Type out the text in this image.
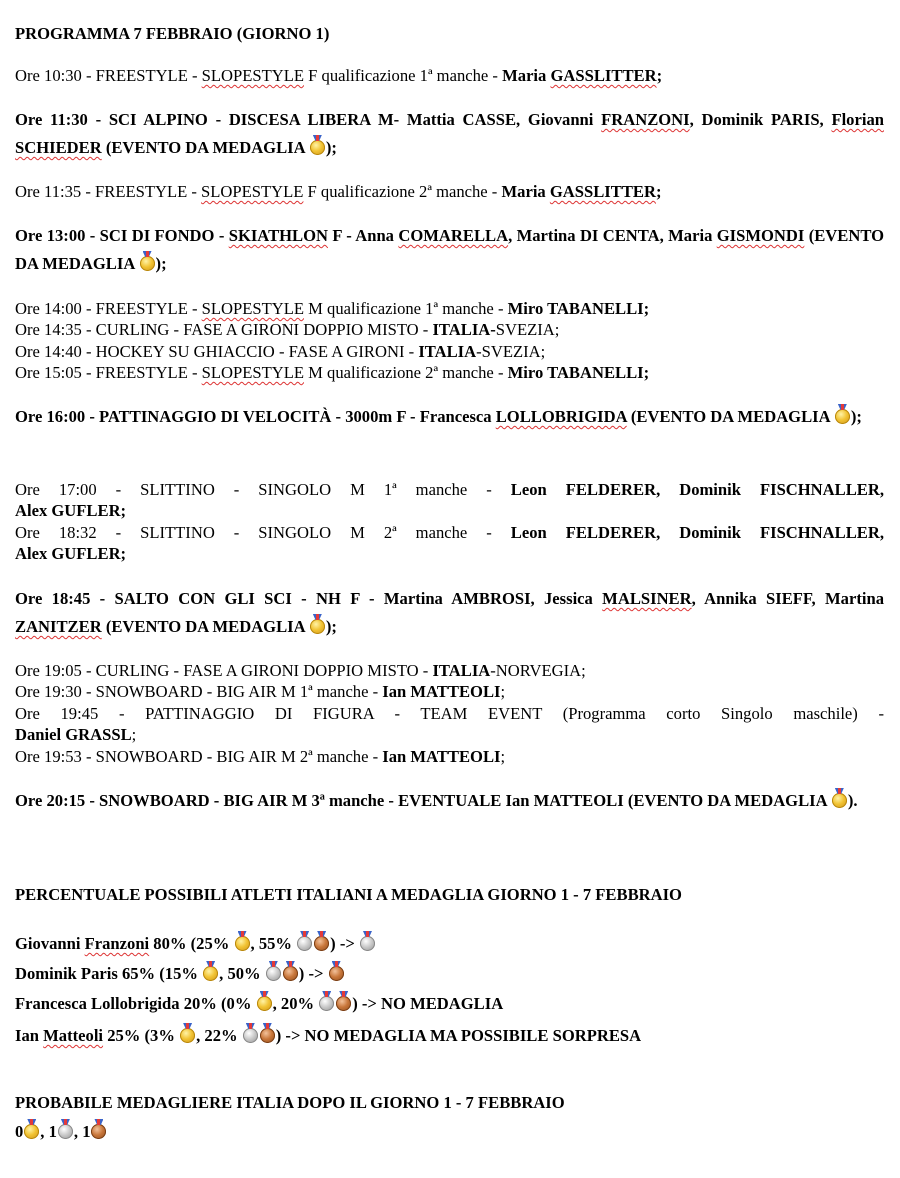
PROGRAMMA 7 FEBBRAIO (GIORNO 1)
Ore 10:30 - FREESTYLE - SLOPESTYLE F qualificazione 1ª manche - Maria GASSLITTER;
Ore 11:30 - SCI ALPINO - DISCESA LIBERA M- Mattia CASSE, Giovanni FRANZONI, Dominik PARIS, Florian SCHIEDER (EVENTO DA MEDAGLIA );
Ore 11:35 - FREESTYLE - SLOPESTYLE F qualificazione 2ª manche - Maria GASSLITTER;
Ore 13:00 - SCI DI FONDO - SKIATHLON F - Anna COMARELLA, Martina DI CENTA, Maria GISMONDI (EVENTO DA MEDAGLIA );
Ore 14:00 - FREESTYLE - SLOPESTYLE M qualificazione 1ª manche - Miro TABANELLI;
Ore 14:35 - CURLING - FASE A GIRONI DOPPIO MISTO - ITALIA-SVEZIA;
Ore 14:40 - HOCKEY SU GHIACCIO - FASE A GIRONI - ITALIA-SVEZIA;
Ore 15:05 - FREESTYLE - SLOPESTYLE M qualificazione 2ª manche - Miro TABANELLI;
Ore 16:00 - PATTINAGGIO DI VELOCITÀ - 3000m F - Francesca LOLLOBRIGIDA (EVENTO DA MEDAGLIA );
Ore 17:00 - SLITTINO - SINGOLO M 1ª manche - Leon FELDERER, Dominik FISCHNALLER,
Alex GUFLER;
Ore 18:32 - SLITTINO - SINGOLO M 2ª manche - Leon FELDERER, Dominik FISCHNALLER,
Alex GUFLER;
Ore 18:45 - SALTO CON GLI SCI - NH F - Martina AMBROSI, Jessica MALSINER, Annika SIEFF, Martina ZANITZER (EVENTO DA MEDAGLIA );
Ore 19:05 - CURLING - FASE A GIRONI DOPPIO MISTO - ITALIA-NORVEGIA;
Ore 19:30 - SNOWBOARD - BIG AIR M 1ª manche - Ian MATTEOLI;
Ore 19:45 - PATTINAGGIO DI FIGURA - TEAM EVENT (Programma corto Singolo maschile) -
Daniel GRASSL;
Ore 19:53 - SNOWBOARD - BIG AIR M 2ª manche - Ian MATTEOLI;
Ore 20:15 - SNOWBOARD - BIG AIR M 3ª manche - EVENTUALE Ian MATTEOLI (EVENTO DA MEDAGLIA ).
PERCENTUALE POSSIBILI ATLETI ITALIANI A MEDAGLIA GIORNO 1 - 7 FEBBRAIO
Giovanni Franzoni 80% (25% , 55% ) ->
Dominik Paris 65% (15% , 50% ) ->
Francesca Lollobrigida 20% (0% , 20% ) -> NO MEDAGLIA
Ian Matteoli 25% (3% , 22% ) -> NO MEDAGLIA MA POSSIBILE SORPRESA
PROBABILE MEDAGLIERE ITALIA DOPO IL GIORNO 1 - 7 FEBBRAIO
0 , 1 , 1
